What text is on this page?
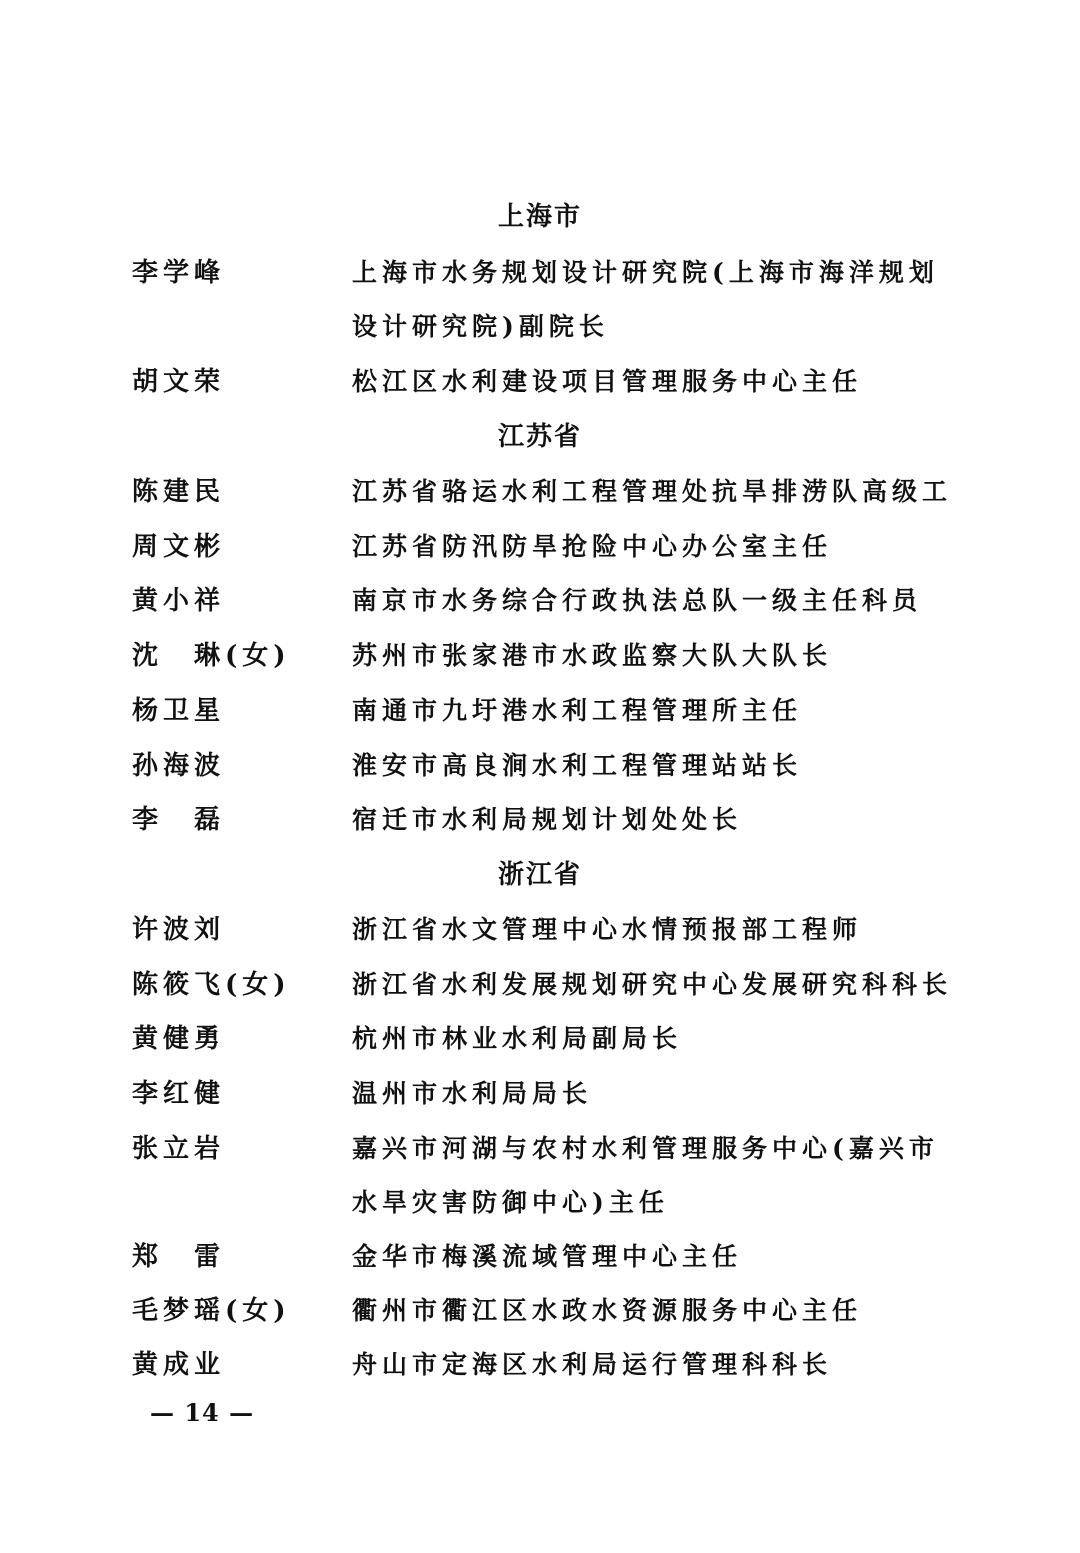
上海市
李学峰	上海市水务规划设计研究院(上海市海洋规划设计研究院)副院长
胡文荣	松江区水利建设项目管理服务中心主任
江苏省
陈建民	江苏省骆运水利工程管理处抗旱排涝队高级工
周文彬	江苏省防汛防旱抢险中心办公室主任
黄小祥	南京市水务综合行政执法总队一级主任科员
沈　琳(女) 苏州市张家港市水政监察大队大队长
杨卫星	南通市九圩港水利工程管理所主任
孙海波	淮安市高良涧水利工程管理站站长
李　磊	宿迁市水利局规划计划处处长
浙江省
许波刘	浙江省水文管理中心水情预报部工程师
陈筱飞(女) 浙江省水利发展规划研究中心发展研究科科长
黄健勇	杭州市林业水利局副局长
李红健	温州市水利局局长
张立岩	嘉兴市河湖与农村水利管理服务中心(嘉兴市水旱灾害防御中心)主任
郑　雷	金华市梅溪流域管理中心主任
毛梦瑶(女) 衢州市衢江区水政水资源服务中心主任
黄成业	舟山市定海区水利局运行管理科科长
— 14 —
